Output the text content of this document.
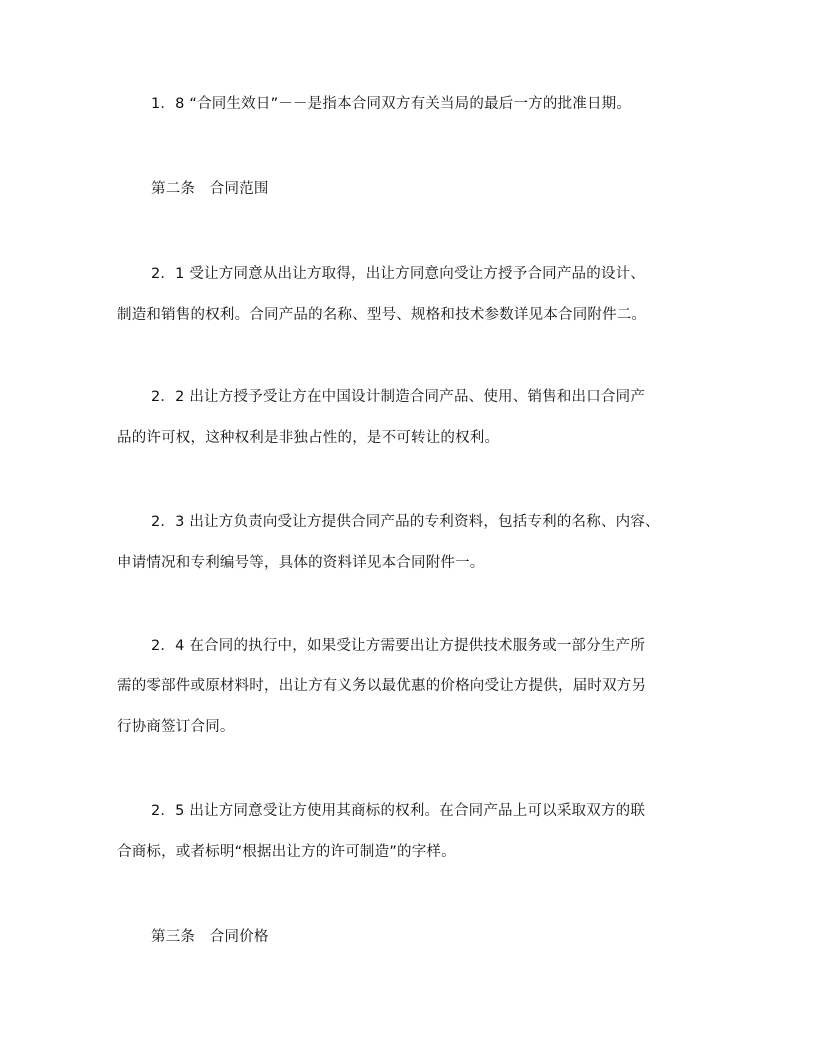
1．8 “合同生效日”－－是指本合同双方有关当局的最后一方的批准日期。
第二条　合同范围
2．1 受让方同意从出让方取得，出让方同意向受让方授予合同产品的设计、
制造和销售的权利。合同产品的名称、型号、规格和技术参数详见本合同附件二。
2．2 出让方授予受让方在中国设计制造合同产品、使用、销售和出口合同产
品的许可权，这种权利是非独占性的，是不可转让的权利。
2．3 出让方负责向受让方提供合同产品的专利资料，包括专利的名称、内容、
申请情况和专利编号等，具体的资料详见本合同附件一。
2．4 在合同的执行中，如果受让方需要出让方提供技术服务或一部分生产所
需的零部件或原材料时，出让方有义务以最优惠的价格向受让方提供，届时双方另
行协商签订合同。
2．5 出让方同意受让方使用其商标的权利。在合同产品上可以采取双方的联
合商标，或者标明“根据出让方的许可制造”的字样。
第三条　合同价格
